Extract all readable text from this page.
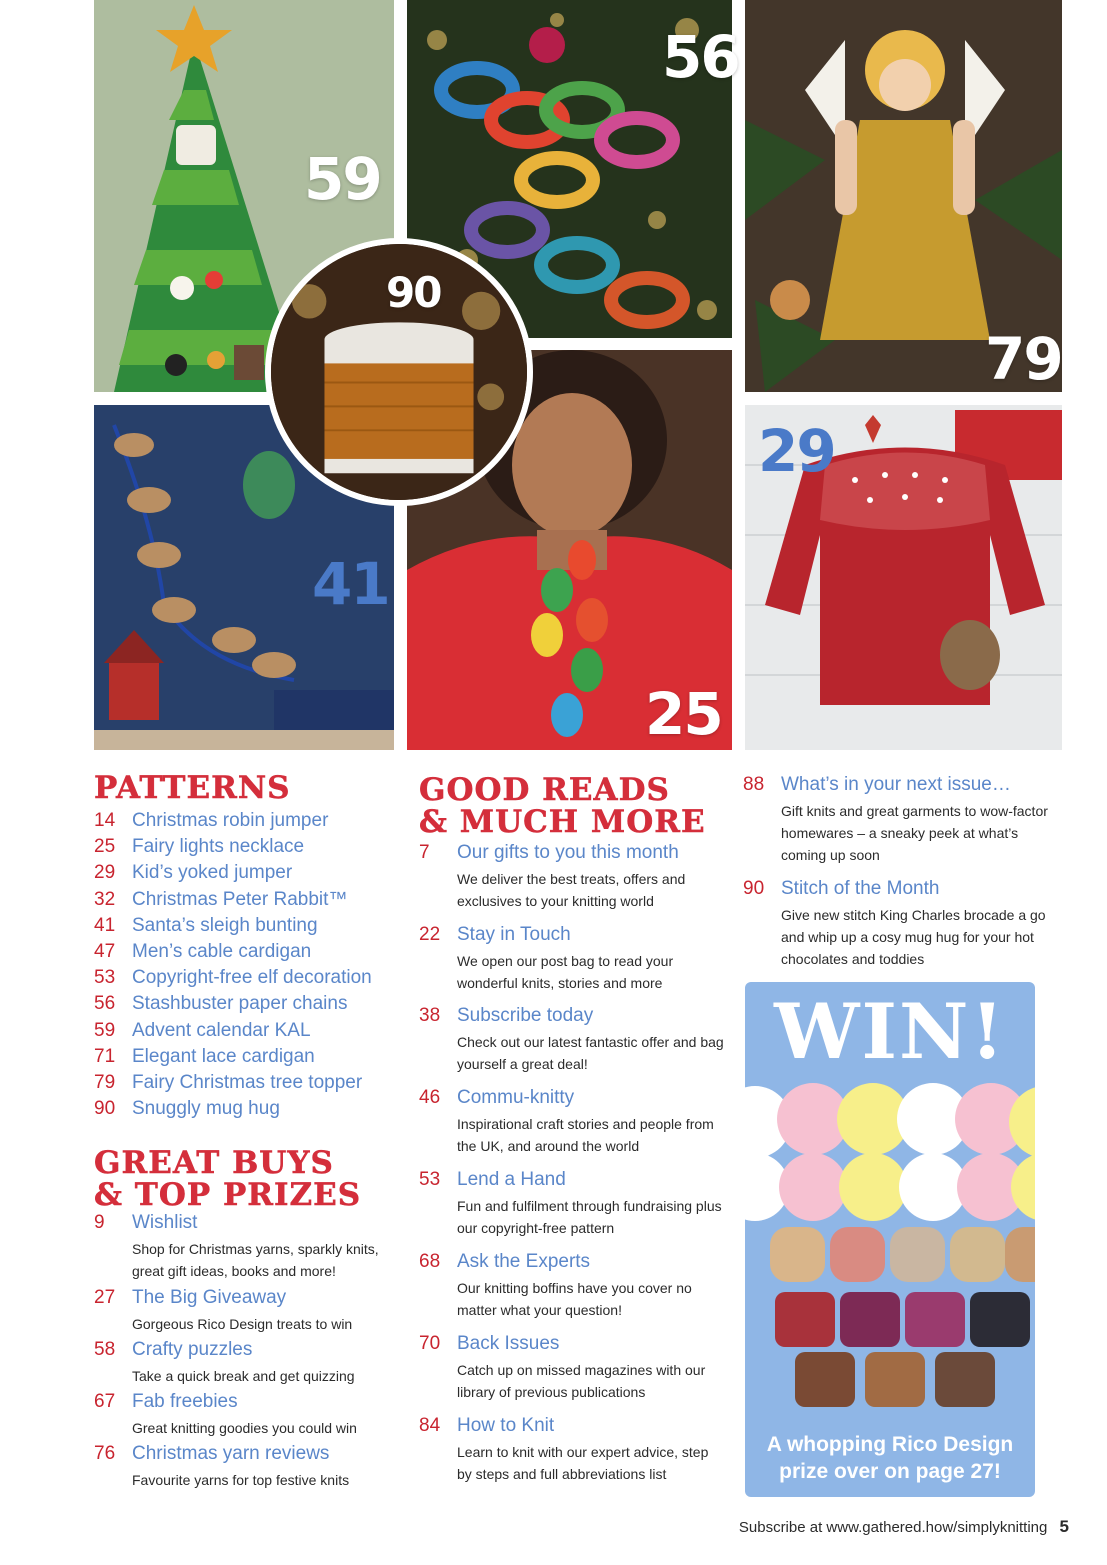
59
56
79
41
25
90
29
PATTERNS
14 Christmas robin jumper
25 Fairy lights necklace
29 Kid’s yoked jumper
32 Christmas Peter Rabbit™
41 Santa’s sleigh bunting
47 Men’s cable cardigan
53 Copyright-free elf decoration
56 Stashbuster paper chains
59 Advent calendar KAL
71 Elegant lace cardigan
79 Fairy Christmas tree topper
90 Snuggly mug hug
GREAT BUYS
& TOP PRIZES
9 Wishlist
Shop for Christmas yarns, sparkly knits, great gift ideas, books and more!
27 The Big Giveaway
Gorgeous Rico Design treats to win
58 Crafty puzzles
Take a quick break and get quizzing
67 Fab freebies
Great knitting goodies you could win
76 Christmas yarn reviews
Favourite yarns for top festive knits
GOOD READS
& MUCH MORE
7 Our gifts to you this month
We deliver the best treats, offers and exclusives to your knitting world
22 Stay in Touch
We open our post bag to read your wonderful knits, stories and more
38 Subscribe today
Check out our latest fantastic offer and bag yourself a great deal!
46 Commu-knitty
Inspirational craft stories and people from the UK, and around the world
53 Lend a Hand
Fun and fulfilment through fundraising plus our copyright-free pattern
68 Ask the Experts
Our knitting boffins have you cover no matter what your question!
70 Back Issues
Catch up on missed magazines with our library of previous publications
84 How to Knit
Learn to knit with our expert advice, step by steps and full abbreviations list
88 What’s in your next issue…
Gift knits and great garments to wow-factor homewares – a sneaky peek at what’s coming up soon
90 Stitch of the Month
Give new stitch King Charles brocade a go and whip up a cosy mug hug for your hot chocolates and toddies
WIN!
A whopping Rico Design
prize over on page 27!
Subscribe at www.gathered.how/simplyknitting 5
